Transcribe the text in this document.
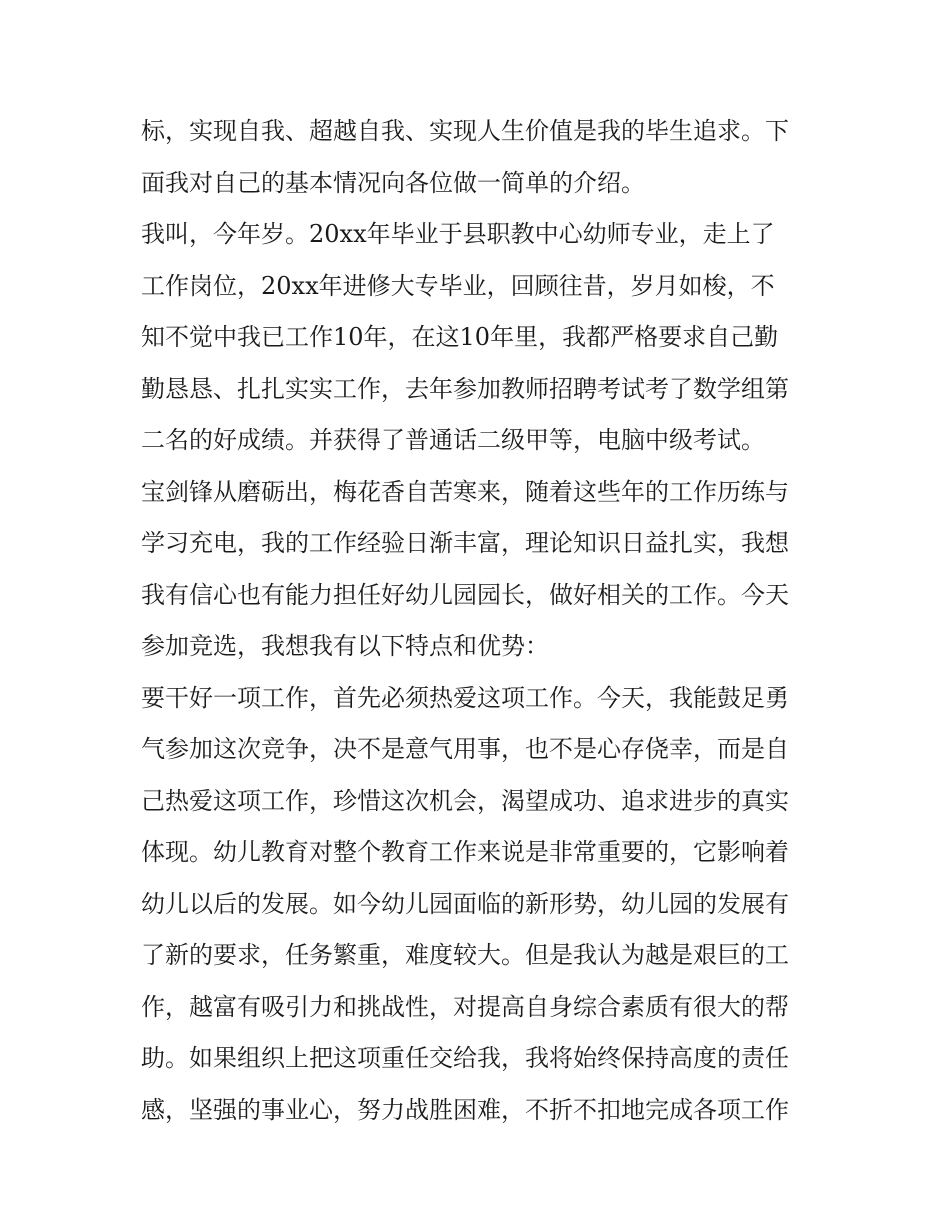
标，实现自我、超越自我、实现人生价值是我的毕生追求。下
面我对自己的基本情况向各位做一简单的介绍。
我叫，今年岁。20xx年毕业于县职教中心幼师专业，走上了
工作岗位，20xx年进修大专毕业，回顾往昔，岁月如梭，不
知不觉中我已工作10年，在这10年里，我都严格要求自己勤
勤恳恳、扎扎实实工作，去年参加教师招聘考试考了数学组第
二名的好成绩。并获得了普通话二级甲等，电脑中级考试。
宝剑锋从磨砺出，梅花香自苦寒来，随着这些年的工作历练与
学习充电，我的工作经验日渐丰富，理论知识日益扎实，我想
我有信心也有能力担任好幼儿园园长，做好相关的工作。今天
参加竞选，我想我有以下特点和优势：
要干好一项工作，首先必须热爱这项工作。今天，我能鼓足勇
气参加这次竞争，决不是意气用事，也不是心存侥幸，而是自
己热爱这项工作，珍惜这次机会，渴望成功、追求进步的真实
体现。幼儿教育对整个教育工作来说是非常重要的，它影响着
幼儿以后的发展。如今幼儿园面临的新形势，幼儿园的发展有
了新的要求，任务繁重，难度较大。但是我认为越是艰巨的工
作，越富有吸引力和挑战性，对提高自身综合素质有很大的帮
助。如果组织上把这项重任交给我，我将始终保持高度的责任
感，坚强的事业心，努力战胜困难，不折不扣地完成各项工作
